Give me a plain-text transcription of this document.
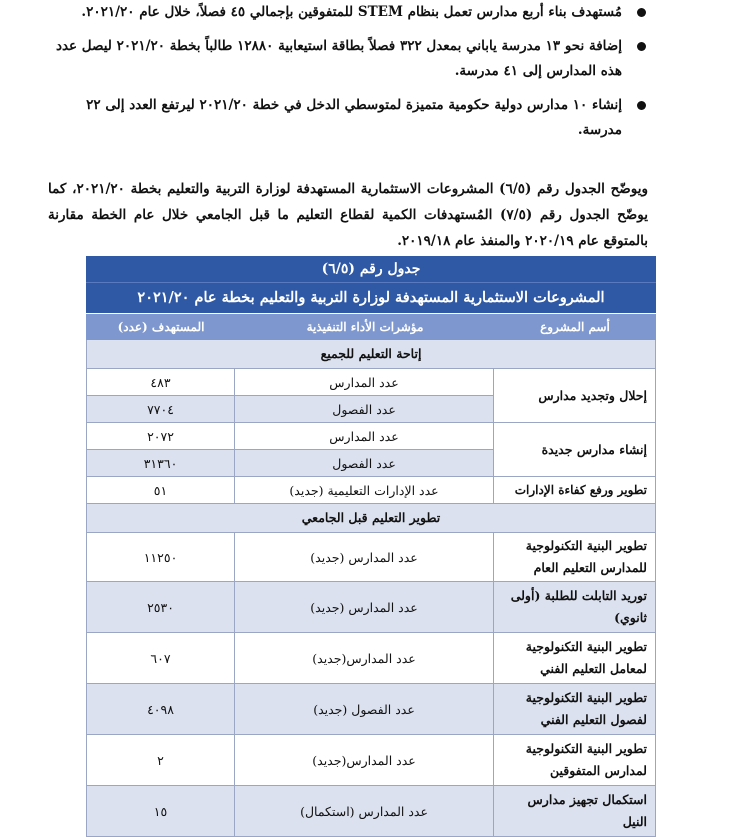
مُستهدف بناء أربع مدارس تعمل بنظام STEM للمتفوقين بإجمالي ٤٥ فصلاً، خلال عام ٢٠٢١/٢٠.
إضافة نحو ١٣ مدرسة ياباني بمعدل ٣٢٢ فصلاً بطاقة استيعابية ١٢٨٨٠ طالباً بخطة ٢٠٢١/٢٠ ليصل عدد هذه المدارس إلى ٤١ مدرسة.
إنشاء ١٠ مدارس دولية حكومية متميزة لمتوسطي الدخل في خطة ٢٠٢١/٢٠ ليرتفع العدد إلى ٢٢ مدرسة.
ويوضّح الجدول رقم (٦/٥) المشروعات الاستثمارية المستهدفة لوزارة التربية والتعليم بخطة ٢٠٢١/٢٠، كما يوضّح الجدول رقم (٧/٥) المُستهدفات الكمية لقطاع التعليم ما قبل الجامعي خلال عام الخطة مقارنة بالمتوقع عام ٢٠٢٠/١٩ والمنفذ عام ٢٠١٩/١٨.
جدول رقم (٦/٥)
المشروعات الاستثمارية المستهدفة لوزارة التربية والتعليم بخطة عام ٢٠٢١/٢٠
أسم المشروع
مؤشرات الأداء التنفيذية
المستهدف (عدد)
إتاحة التعليم للجميع
إحلال وتجديد مدارس
عدد المدارس
٤٨٣
عدد الفصول
٧٧٠٤
إنشاء مدارس جديدة
عدد المدارس
٢٠٧٢
عدد الفصول
٣١٣٦٠
تطوير ورفع كفاءة الإدارات
عدد الإدارات التعليمية (جديد)
٥١
تطوير التعليم قبل الجامعي
تطوير البنية التكنولوجية للمدارس التعليم العام
عدد المدارس (جديد)
١١٢٥٠
توريد التابلت للطلبة (أولى ثانوي)
عدد المدارس (جديد)
٢٥٣٠
تطوير البنية التكنولوجية لمعامل التعليم الفني
عدد المدارس(جديد)
٦٠٧
تطوير البنية التكنولوجية لفصول التعليم الفني
عدد الفصول (جديد)
٤٠٩٨
تطوير البنية التكنولوجية لمدارس المتفوقين
عدد المدارس(جديد)
٢
استكمال تجهيز مدارس النيل
عدد المدارس (استكمال)
١٥
